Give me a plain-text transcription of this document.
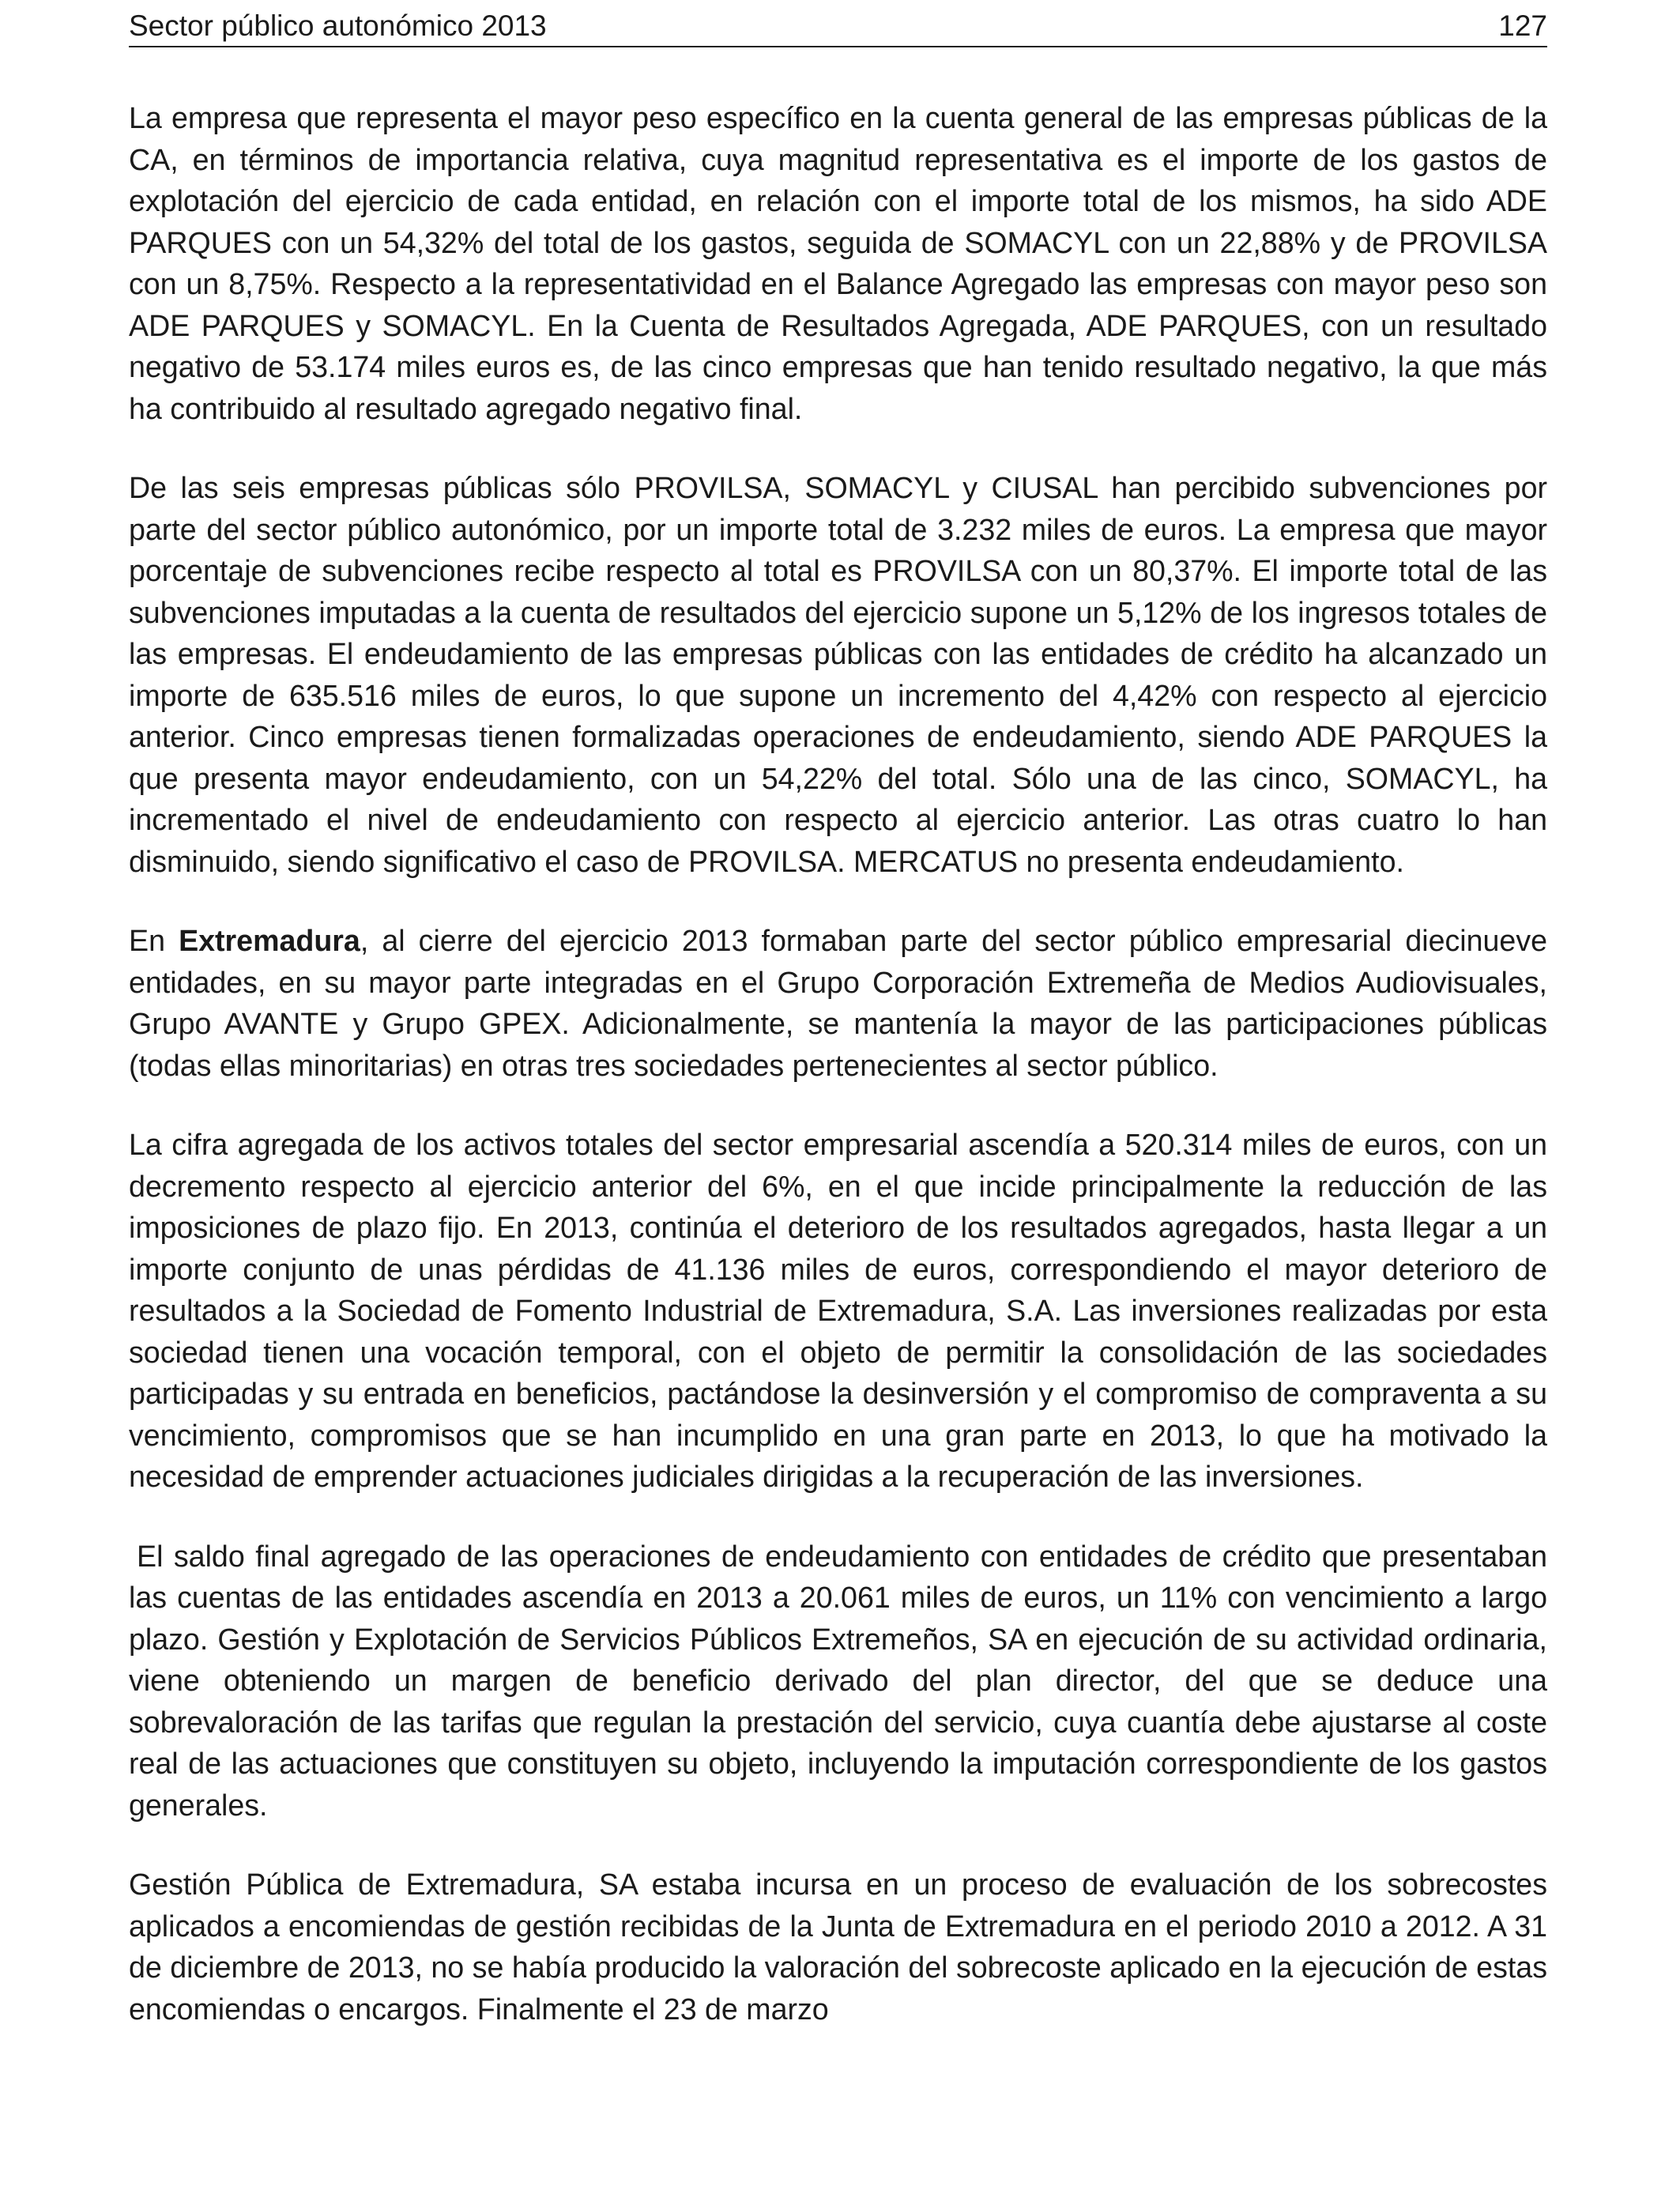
Sector público autonómico 2013	127

La empresa que representa el mayor peso específico en la cuenta general de las empresas públicas de la CA, en términos de importancia relativa, cuya magnitud representativa es el importe de los gastos de explotación del ejercicio de cada entidad, en relación con el importe total de los mismos, ha sido ADE PARQUES con un 54,32% del total de los gastos, seguida de SOMACYL con un 22,88% y de PROVILSA con un 8,75%. Respecto a la representatividad en el Balance Agregado las empresas con mayor peso son ADE PARQUES y SOMACYL. En la Cuenta de Resultados Agregada, ADE PARQUES, con un resultado negativo de 53.174 miles euros es, de las cinco empresas que han tenido resultado negativo, la que más ha contribuido al resultado agregado negativo final.

De las seis empresas públicas sólo PROVILSA, SOMACYL y CIUSAL han percibido subvenciones por parte del sector público autonómico, por un importe total de 3.232 miles de euros. La empresa que mayor porcentaje de subvenciones recibe respecto al total es PROVILSA con un 80,37%. El importe total de las subvenciones imputadas a la cuenta de resultados del ejercicio supone un 5,12% de los ingresos totales de las empresas. El endeudamiento de las empresas públicas con las entidades de crédito ha alcanzado un importe de 635.516 miles de euros, lo que supone un incremento del 4,42% con respecto al ejercicio anterior. Cinco empresas tienen formalizadas operaciones de endeudamiento, siendo ADE PARQUES la que presenta mayor endeudamiento, con un 54,22% del total. Sólo una de las cinco, SOMACYL, ha incrementado el nivel de endeudamiento con respecto al ejercicio anterior. Las otras cuatro lo han disminuido, siendo significativo el caso de PROVILSA. MERCATUS no presenta endeudamiento.

En Extremadura, al cierre del ejercicio 2013 formaban parte del sector público empresarial diecinueve entidades, en su mayor parte integradas en el Grupo Corporación Extremeña de Medios Audiovisuales, Grupo AVANTE y Grupo GPEX. Adicionalmente, se mantenía la mayor de las participaciones públicas (todas ellas minoritarias) en otras tres sociedades pertenecientes al sector público.

La cifra agregada de los activos totales del sector empresarial ascendía a 520.314 miles de euros, con un decremento respecto al ejercicio anterior del 6%, en el que incide principalmente la reducción de las imposiciones de plazo fijo. En 2013, continúa el deterioro de los resultados agregados, hasta llegar a un importe conjunto de unas pérdidas de 41.136 miles de euros, correspondiendo el mayor deterioro de resultados a la Sociedad de Fomento Industrial de Extremadura, S.A. Las inversiones realizadas por esta sociedad tienen una vocación temporal, con el objeto de permitir la consolidación de las sociedades participadas y su entrada en beneficios, pactándose la desinversión y el compromiso de compraventa a su vencimiento, compromisos que se han incumplido en una gran parte en 2013, lo que ha motivado la necesidad de emprender actuaciones judiciales dirigidas a la recuperación de las inversiones.

El saldo final agregado de las operaciones de endeudamiento con entidades de crédito que presentaban las cuentas de las entidades ascendía en 2013 a 20.061 miles de euros, un 11% con vencimiento a largo plazo. Gestión y Explotación de Servicios Públicos Extremeños, SA en ejecución de su actividad ordinaria, viene obteniendo un margen de beneficio derivado del plan director, del que se deduce una sobrevaloración de las tarifas que regulan la prestación del servicio, cuya cuantía debe ajustarse al coste real de las actuaciones que constituyen su objeto, incluyendo la imputación correspondiente de los gastos generales.

Gestión Pública de Extremadura, SA estaba incursa en un proceso de evaluación de los sobrecostes aplicados a encomiendas de gestión recibidas de la Junta de Extremadura en el periodo 2010 a 2012. A 31 de diciembre de 2013, no se había producido la valoración del sobrecoste aplicado en la ejecución de estas encomiendas o encargos. Finalmente el 23 de marzo
